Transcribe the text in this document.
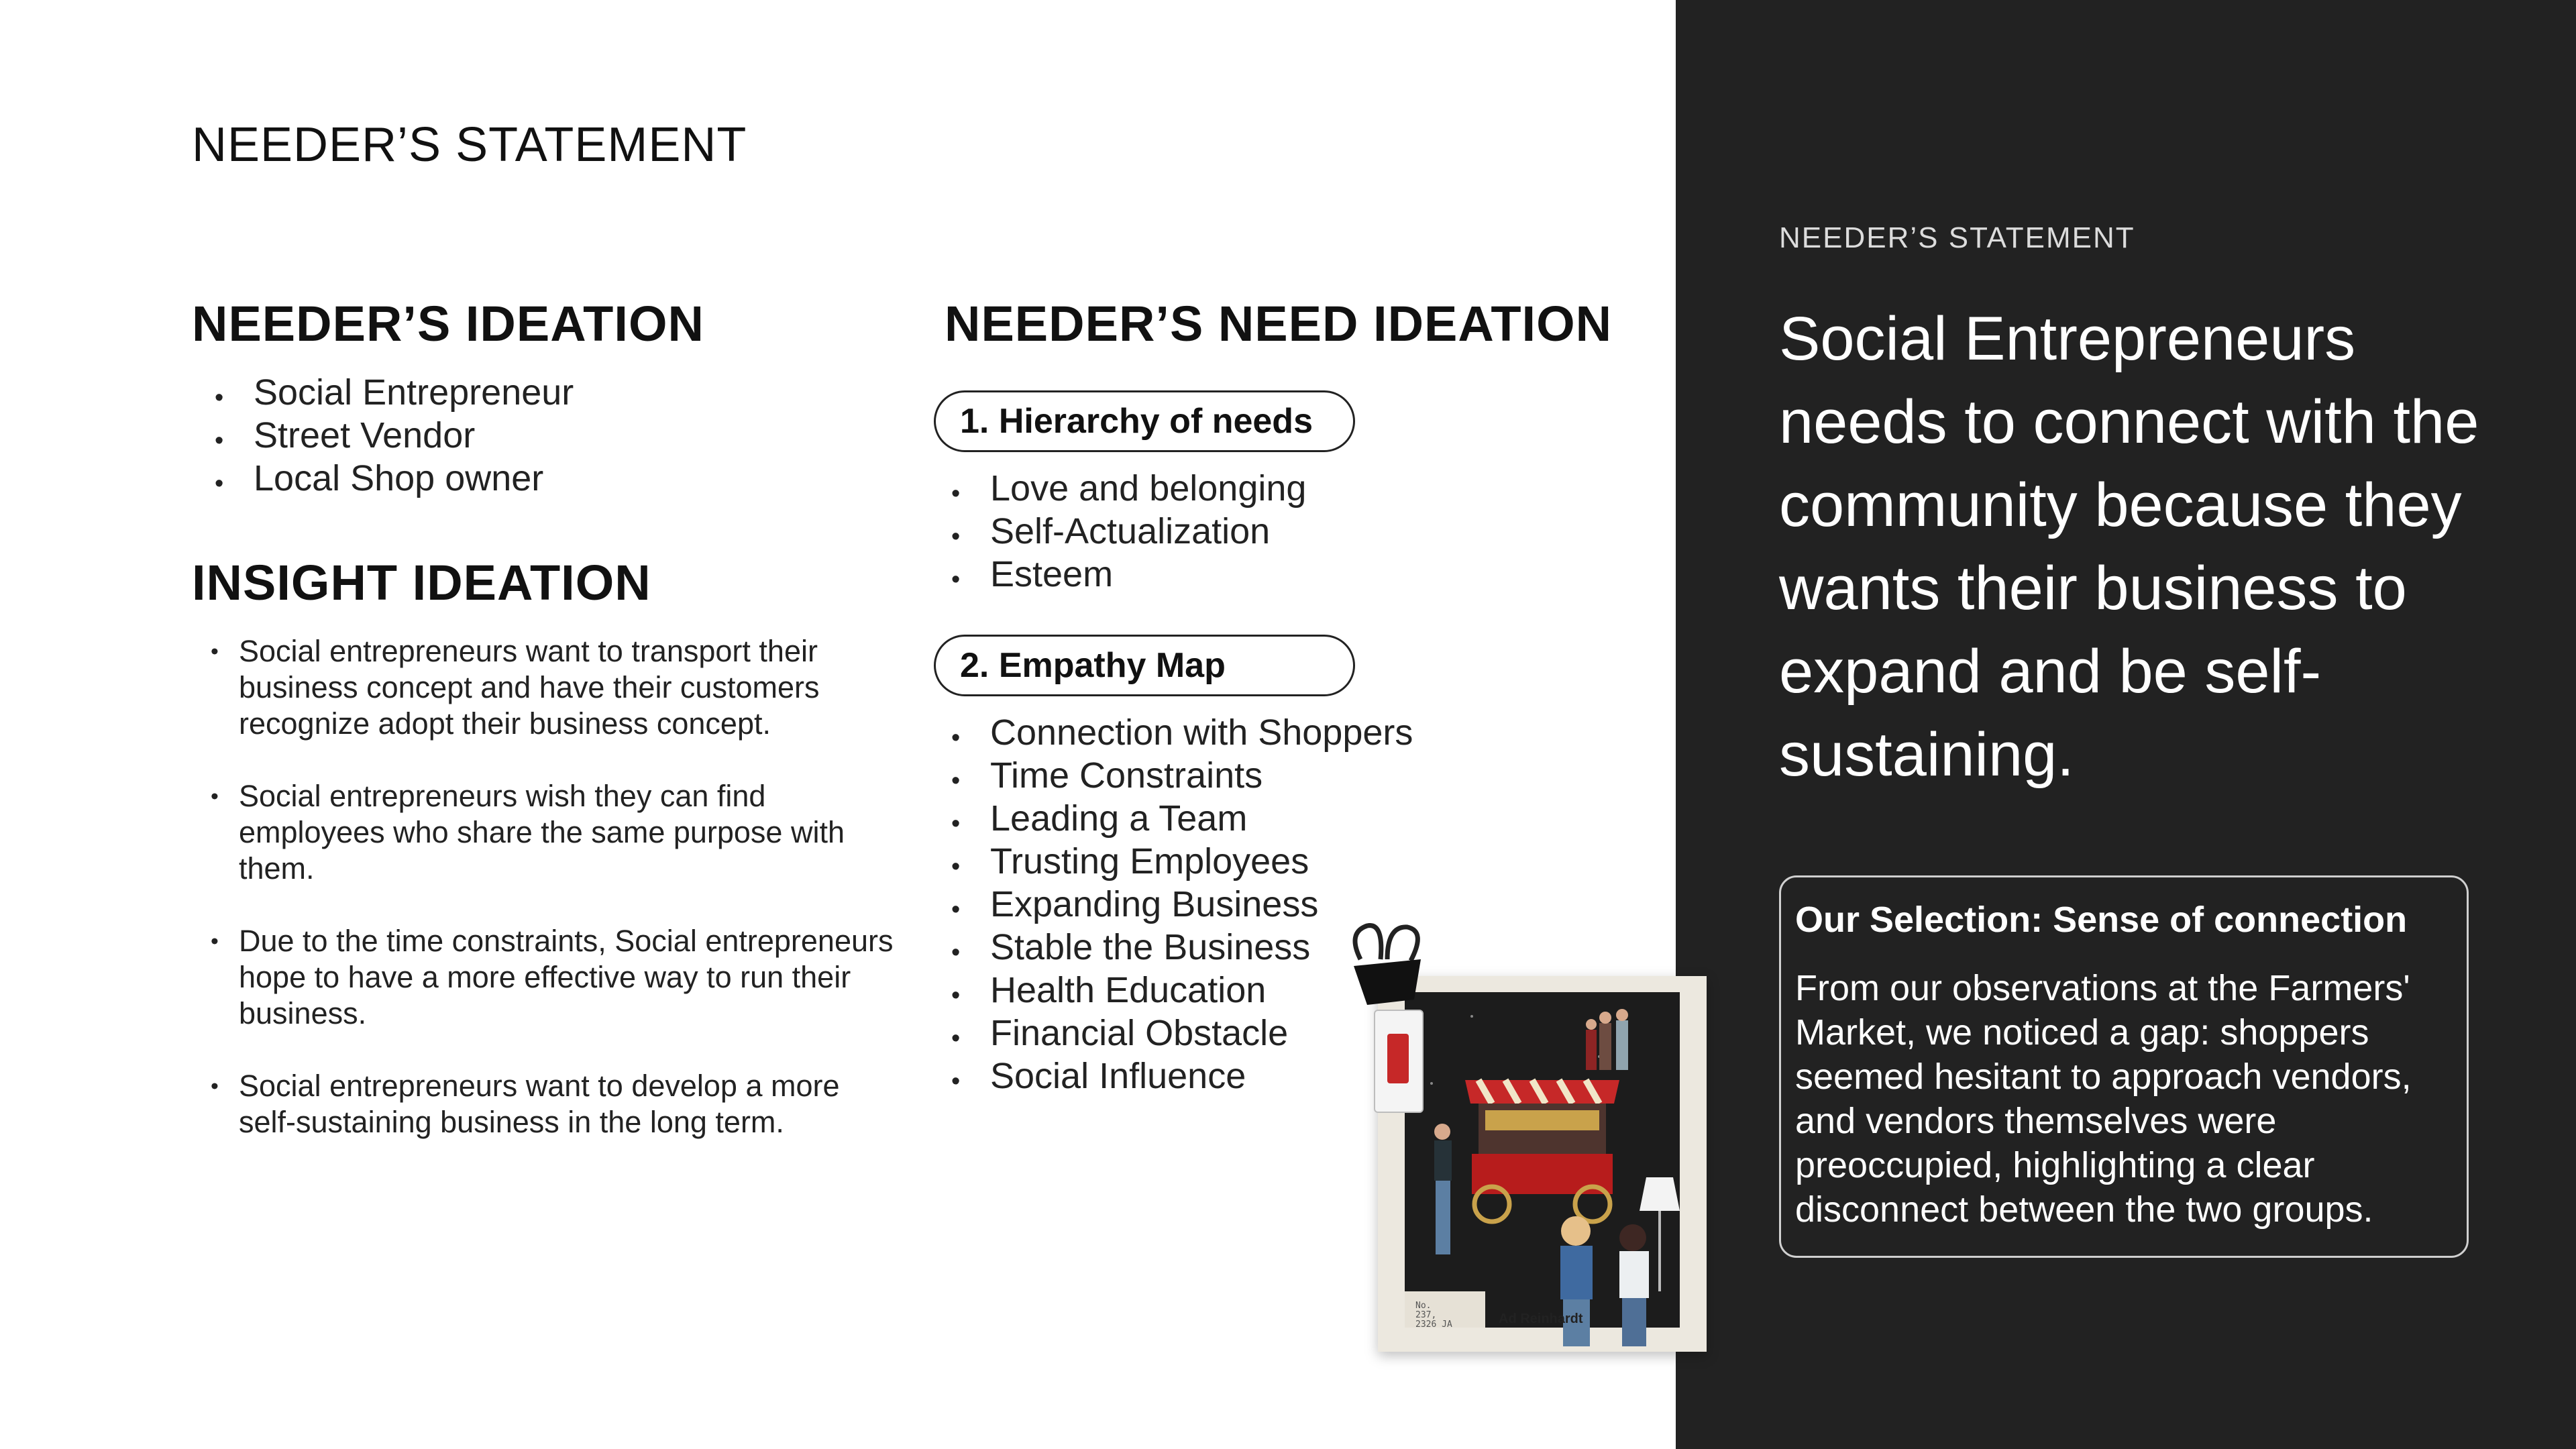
NEEDER’S STATEMENT
NEEDER’S IDEATION
• Social Entrepreneur
• Street Vendor
• Local Shop owner
INSIGHT IDEATION
• Social entrepreneurs want to transport their business concept and have their customers recognize adopt their business concept.
• Social entrepreneurs wish they can find employees who share the same purpose with them.
• Due to the time constraints, Social entrepreneurs hope to have a more effective way to run their business.
• Social entrepreneurs want to develop a more self-sustaining business in the long term.
NEEDER’S NEED IDEATION
1. Hierarchy of needs
• Love and belonging
• Self-Actualization
• Esteem
2. Empathy Map
• Connection with Shoppers
• Time Constraints
• Leading a Team
• Trusting Employees
• Expanding Business
• Stable the Business
• Health Education
• Financial Obstacle
• Social Influence
NEEDER’S STATEMENT
Social Entrepreneurs needs to connect with the community because they wants their business to expand and be self-sustaining.
Our Selection: Sense of connection
From our observations at the Farmers' Market, we noticed a gap: shoppers seemed hesitant to approach vendors, and vendors themselves were preoccupied, highlighting a clear disconnect between the two groups.
No. 237, 2326 JA	Ad Reinhardt
